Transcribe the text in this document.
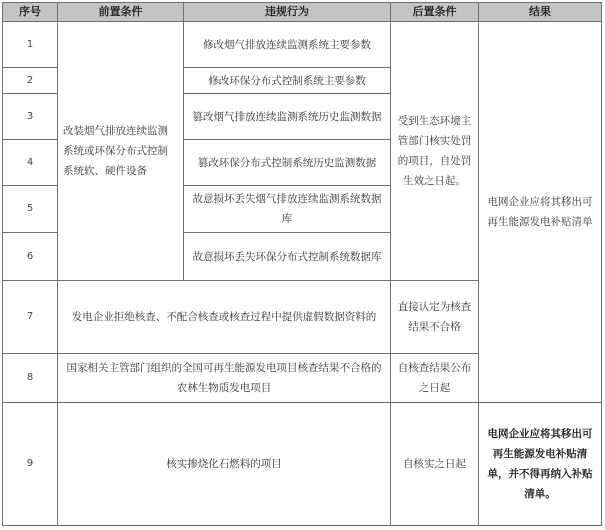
序号	前置条件	违规行为	后置条件	结果
1	改装烟气排放连续监测系统或环保分布式控制系统软、硬件设备	修改烟气排放连续监测系统主要参数	受到生态环境主管部门核实处罚的项目，自处罚生效之日起。	电网企业应将其移出可再生能源发电补贴清单
2		修改环保分布式控制系统主要参数		
3		篡改烟气排放连续监测系统历史监测数据		
4		篡改环保分布式控制系统历史监测数据		
5		故意损坏丢失烟气排放连续监测系统数据库		
6		故意损坏丢失环保分布式控制系统数据库		
7	发电企业拒绝核查、不配合核查或核查过程中提供虚假数据资料的		直接认定为核查结果不合格	
8	国家相关主管部门组织的全国可再生能源发电项目核查结果不合格的农林生物质发电项目		自核查结果公布之日起	
9	核实掺烧化石燃料的项目		自核实之日起	电网企业应将其移出可再生能源发电补贴清单，并不得再纳入补贴清单。
